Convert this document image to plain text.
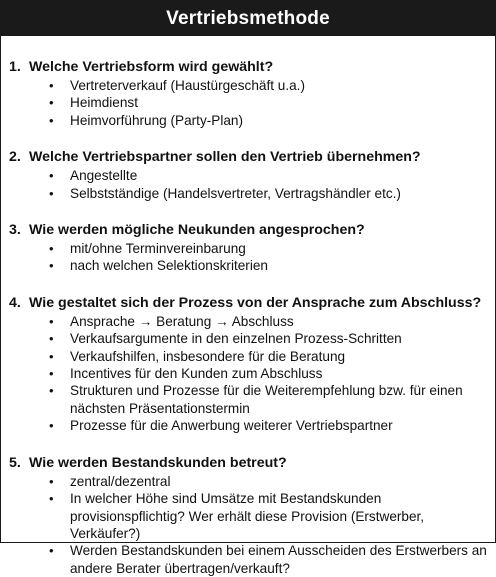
Vertriebsmethode
1. Welche Vertriebsform wird gewählt?
•	Vertreterverkauf (Haustürgeschäft u.a.)
•	Heimdienst
•	Heimvorführung (Party-Plan)
2. Welche Vertriebspartner sollen den Vertrieb übernehmen?
•	Angestellte
•	Selbstständige (Handelsvertreter, Vertragshändler etc.)
3. Wie werden mögliche Neukunden angesprochen?
•	mit/ohne Terminvereinbarung
•	nach welchen Selektionskriterien
4. Wie gestaltet sich der Prozess von der Ansprache zum Abschluss?
•	Ansprache → Beratung → Abschluss
•	Verkaufsargumente in den einzelnen Prozess-Schritten
•	Verkaufshilfen, insbesondere für die Beratung
•	Incentives für den Kunden zum Abschluss
•	Strukturen und Prozesse für die Weiterempfehlung bzw. für einen nächsten Präsentationstermin
•	Prozesse für die Anwerbung weiterer Vertriebspartner
5. Wie werden Bestandskunden betreut?
•	zentral/dezentral
•	In welcher Höhe sind Umsätze mit Bestandskunden provisionspflichtig? Wer erhält diese Provision (Erstwerber, Verkäufer?)
•	Werden Bestandskunden bei einem Ausscheiden des Erstwerbers an andere Berater übertragen/verkauft?
